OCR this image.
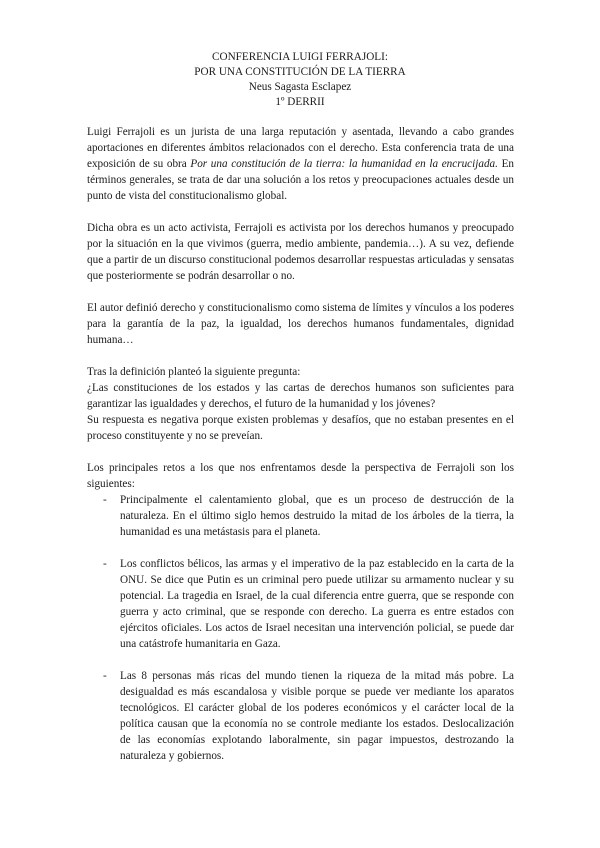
CONFERENCIA LUIGI FERRAJOLI:
POR UNA CONSTITUCIÓN DE LA TIERRA
Neus Sagasta Esclapez
1º DERRII

Luigi Ferrajoli es un jurista de una larga reputación y asentada, llevando a cabo grandes aportaciones en diferentes ámbitos relacionados con el derecho. Esta conferencia trata de una exposición de su obra Por una constitución de la tierra: la humanidad en la encrucijada. En términos generales, se trata de dar una solución a los retos y preocupaciones actuales desde un punto de vista del constitucionalismo global.

Dicha obra es un acto activista, Ferrajoli es activista por los derechos humanos y preocupado por la situación en la que vivimos (guerra, medio ambiente, pandemia…). A su vez, defiende que a partir de un discurso constitucional podemos desarrollar respuestas articuladas y sensatas que posteriormente se podrán desarrollar o no.

El autor definió derecho y constitucionalismo como sistema de límites y vínculos a los poderes para la garantía de la paz, la igualdad, los derechos humanos fundamentales, dignidad humana…

Tras la definición planteó la siguiente pregunta:

¿Las constituciones de los estados y las cartas de derechos humanos son suficientes para garantizar las igualdades y derechos, el futuro de la humanidad y los jóvenes?

Su respuesta es negativa porque existen problemas y desafíos, que no estaban presentes en el proceso constituyente y no se preveían.

Los principales retos a los que nos enfrentamos desde la perspectiva de Ferrajoli son los siguientes:

- Principalmente el calentamiento global, que es un proceso de destrucción de la naturaleza. En el último siglo hemos destruido la mitad de los árboles de la tierra, la humanidad es una metástasis para el planeta.
- Los conflictos bélicos, las armas y el imperativo de la paz establecido en la carta de la ONU. Se dice que Putin es un criminal pero puede utilizar su armamento nuclear y su potencial. La tragedia en Israel, de la cual diferencia entre guerra, que se responde con guerra y acto criminal, que se responde con derecho. La guerra es entre estados con ejércitos oficiales. Los actos de Israel necesitan una intervención policial, se puede dar una catástrofe humanitaria en Gaza.
- Las 8 personas más ricas del mundo tienen la riqueza de la mitad más pobre. La desigualdad es más escandalosa y visible porque se puede ver mediante los aparatos tecnológicos. El carácter global de los poderes económicos y el carácter local de la política causan que la economía no se controle mediante los estados. Deslocalización de las economías explotando laboralmente, sin pagar impuestos, destrozando la naturaleza y gobiernos.
